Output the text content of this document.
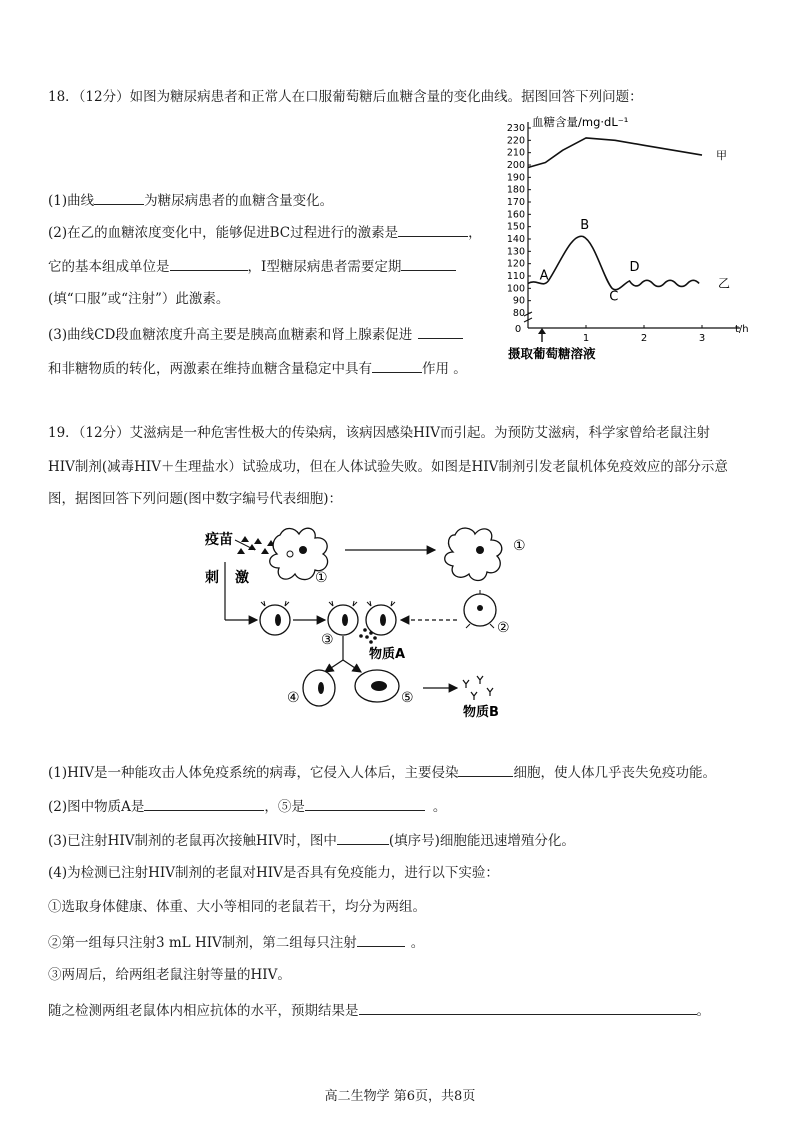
18．（12分）如图为糖尿病患者和正常人在口服葡萄糖后血糖含量的变化曲线。据图回答下列问题：
(1)曲线	为糖尿病患者的血糖含量变化。
(2)在乙的血糖浓度变化中，能够促进BC过程进行的激素是	，
它的基本组成单位是	，Ⅰ型糖尿病患者需要定期
(填“口服”或“注射”）此激素。
(3)曲线CD段血糖浓度升高主要是胰高血糖素和肾上腺素促进
和非糖物质的转化，两激素在维持血糖含量稳定中具有	作用 。
230
220
210
200
190
180
170
160
150
140
130
120
110
100
90
80
0
1	2	3
血糖含量/mg·dL⁻¹
t/h
摄取葡萄糖溶液
甲
乙
A
B
C
D
19．（12分）艾滋病是一种危害性极大的传染病，该病因感染HIV而引起。为预防艾滋病，科学家曾给老鼠注射
HIV制剂(减毒HIV＋生理盐水）试验成功，但在人体试验失败。如图是HIV制剂引发老鼠机体免疫效应的部分示意
图，据图回答下列问题(图中数字编号代表细胞)：
疫苗
①
刺 激
①
③
物质A
②
④	⑤
物质B
(1)HIV是一种能攻击人体免疫系统的病毒，它侵入人体后，主要侵染	细胞，使人体几乎丧失免疫功能。
(2)图中物质A是	，⑤是	。
(3)已注射HIV制剂的老鼠再次接触HIV时，图中	(填序号)细胞能迅速增殖分化。
(4)为检测已注射HIV制剂的老鼠对HIV是否具有免疫能力，进行以下实验：
①选取身体健康、体重、大小等相同的老鼠若干，均分为两组。
②第一组每只注射3 mL HIV制剂，第二组每只注射	。
③两周后，给两组老鼠注射等量的HIV。
随之检测两组老鼠体内相应抗体的水平，预期结果是	。
高二生物学 第6页，共8页
